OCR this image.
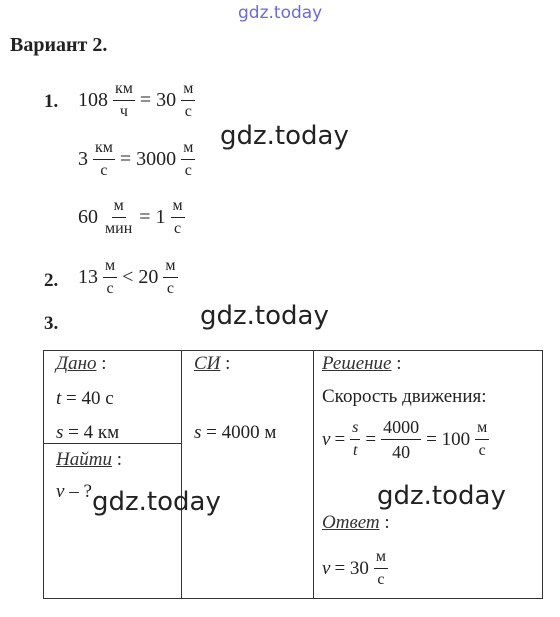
gdz.today
Вариант 2.
1. $108 \frac{км}{ч} = 30 \frac{м}{с}$
$3 \frac{км}{с} = 3000 \frac{м}{с}$
$60 \frac{м}{\text{мин}} = 1 \frac{м}{с}$
gdz.today
2. $13 \frac{м}{с} < 20 \frac{м}{с}$
3.	gdz.today
Дано :
t = 40 с
s = 4 км
Найти :
v – ? gdz.today
СИ :
s = 4000 м
Решение :
Скорость движения:
$v = \frac{s}{t} = \frac{4000}{40} = 100 \frac{м}{с}$
gdz.today
Ответ :
$v = 30 \frac{м}{с}$
